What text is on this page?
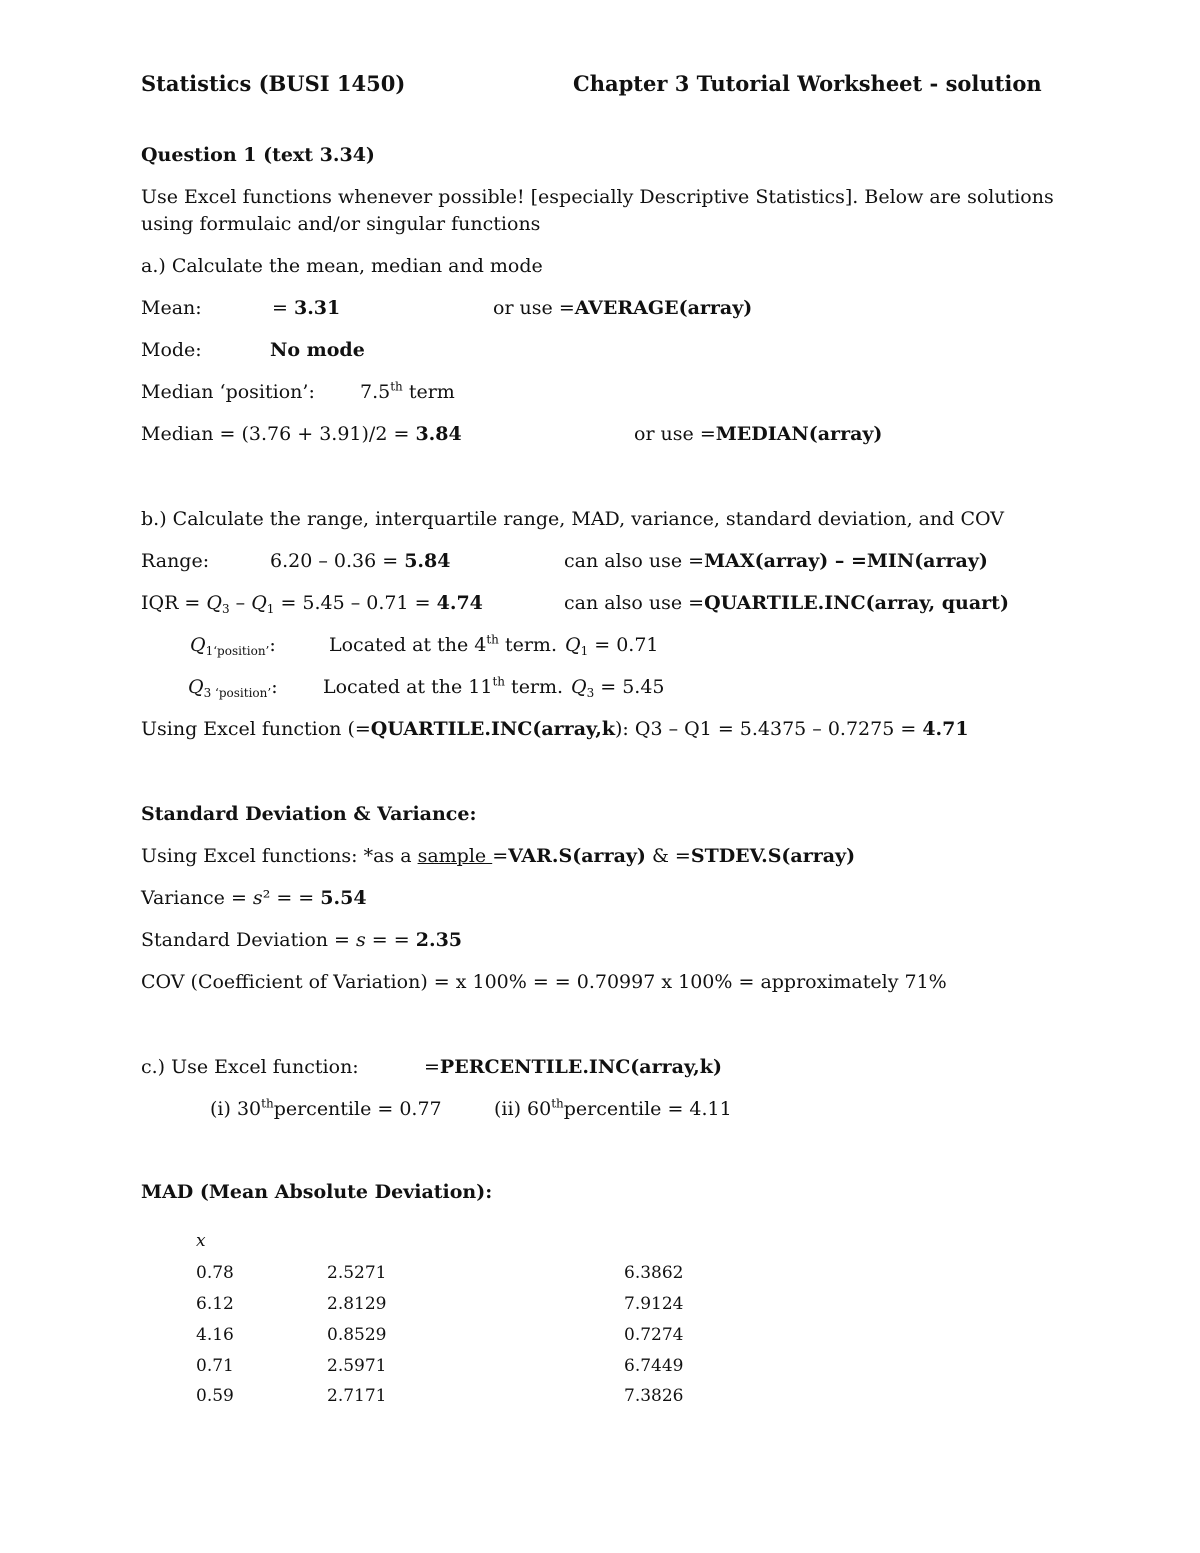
Statistics (BUSI 1450)	Chapter 3 Tutorial Worksheet - solution
Question 1 (text 3.34)
Use Excel functions whenever possible! [especially Descriptive Statistics]. Below are solutions
using formulaic and/or singular functions
a.) Calculate the mean, median and mode
Mean:	= 3.31	or use =AVERAGE(array)
Mode:	No mode
Median ‘position’: 7.5th term
Median = (3.76 + 3.91)/2 = 3.84	or use =MEDIAN(array)
b.) Calculate the range, interquartile range, MAD, variance, standard deviation, and COV
Range:	6.20 – 0.36 = 5.84	can also use =MAX(array) – =MIN(array)
IQR = $Q_3 - Q_1 = 5.45 - 0.71 = 4.74$	can also use =QUARTILE.INC(array, quart)
$Q_{1‘position’}$:	Located at the 4th term. $Q_1 = 0.71$
$Q_3$ $_{‘position’}$: Located at the 11th term. $Q_3 = 5.45$
Using Excel function (=QUARTILE.INC(array,k): Q3 – Q1 = 5.4375 – 0.7275 = 4.71
Standard Deviation & Variance:
Using Excel functions: *as a sample =VAR.S(array) & =STDEV.S(array)
Variance = s² = = 5.54
Standard Deviation = s = = 2.35
COV (Coefficient of Variation) = x 100% = = 0.70997 x 100% = approximately 71%
c.) Use Excel function:	=PERCENTILE.INC(array,k)
(i) 30thpercentile = 0.77	(ii) 60thpercentile = 4.11
MAD (Mean Absolute Deviation):
x
0.78	2.5271	6.3862
6.12	2.8129	7.9124
4.16	0.8529	0.7274
0.71	2.5971	6.7449
0.59	2.7171	7.3826
